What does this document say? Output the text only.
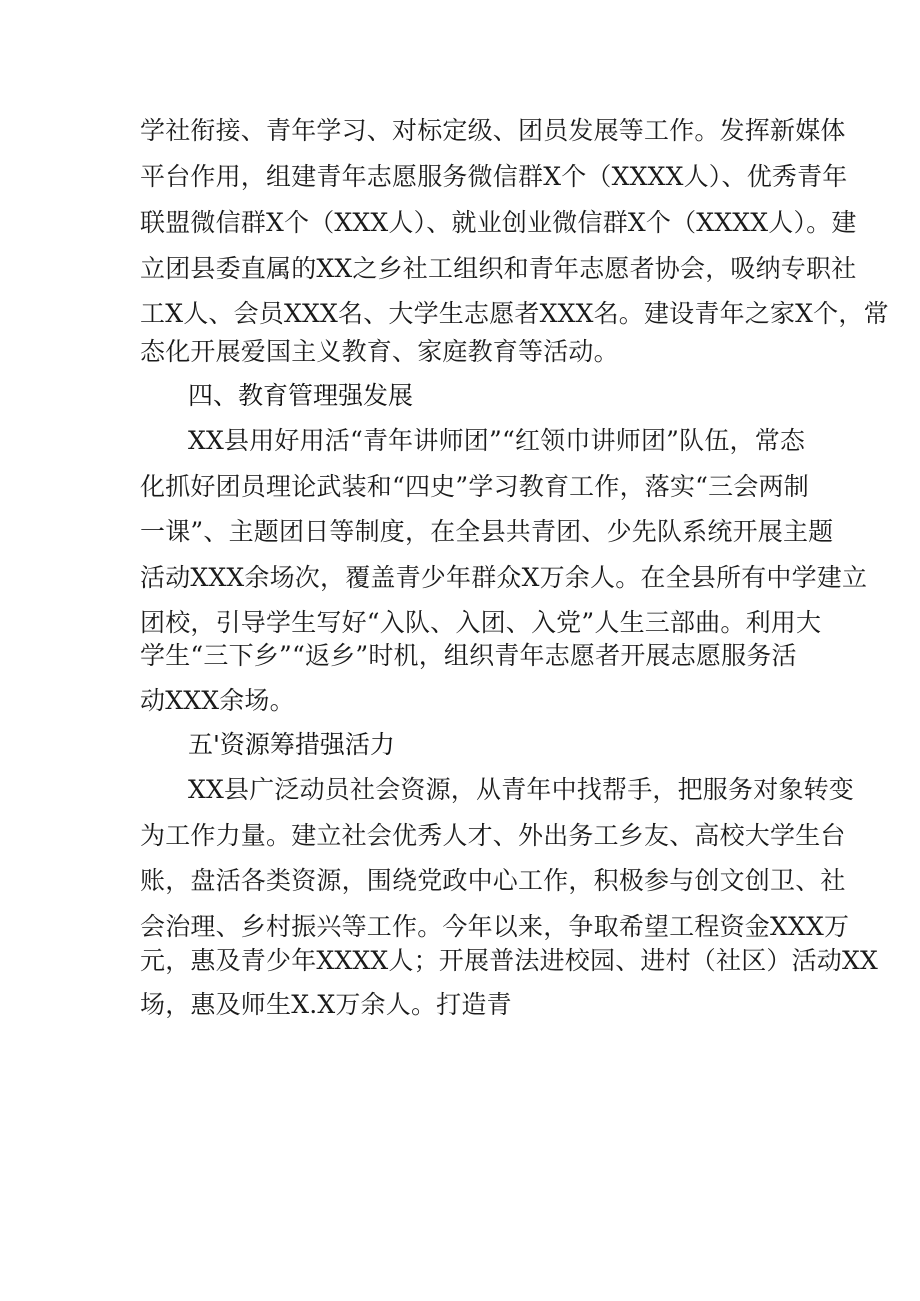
学社衔接、青年学习、对标定级、团员发展等工作。发挥新媒体
平台作用，组建青年志愿服务微信群X个（XXXX人）、优秀青年
联盟微信群X个（XXX人）、就业创业微信群X个（XXXX人）。建
立团县委直属的XX之乡社工组织和青年志愿者协会，吸纳专职社
工X人、会员XXX名、大学生志愿者XXX名。建设青年之家X个，常
态化开展爱国主义教育、家庭教育等活动。
四、教育管理强发展
XX县用好用活“青年讲师团”“红领巾讲师团”队伍，常态
化抓好团员理论武装和“四史”学习教育工作，落实“三会两制
一课”、主题团日等制度，在全县共青团、少先队系统开展主题
活动XXX余场次，覆盖青少年群众X万余人。在全县所有中学建立
团校，引导学生写好“入队、入团、入党”人生三部曲。利用大
学生“三下乡”“返乡”时机，组织青年志愿者开展志愿服务活
动XXX余场。
五'资源筹措强活力
XX县广泛动员社会资源，从青年中找帮手，把服务对象转变
为工作力量。建立社会优秀人才、外出务工乡友、高校大学生台
账，盘活各类资源，围绕党政中心工作，积极参与创文创卫、社
会治理、乡村振兴等工作。今年以来，争取希望工程资金XXX万
元，惠及青少年XXXX人；开展普法进校园、进村（社区）活动XX
场，惠及师生X.X万余人。打造青
